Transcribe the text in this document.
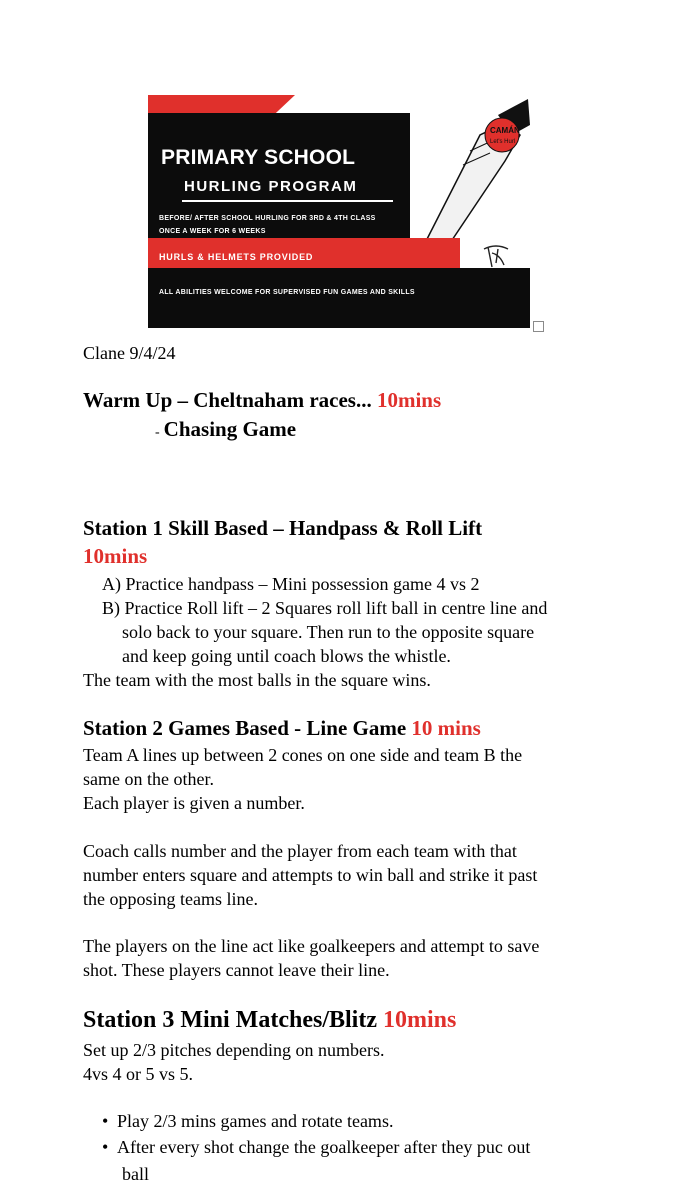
CAMÁN
Let's Hurl
PRIMARY SCHOOL
HURLING PROGRAM
BEFORE/ AFTER SCHOOL HURLING FOR 3RD & 4TH CLASS
ONCE A WEEK FOR 6 WEEKS
HURLS & HELMETS PROVIDED
ALL ABILITIES WELCOME FOR SUPERVISED FUN GAMES AND SKILLS
Clane 9/4/24
Warm Up – Cheltnaham races... 10mins
- Chasing Game
Station 1 Skill Based – Handpass & Roll Lift
10mins
A) Practice handpass – Mini possession game 4 vs 2
B) Practice Roll lift – 2 Squares roll lift ball in centre line and
solo back to your square. Then run to the opposite square
and keep going until coach blows the whistle.
The team with the most balls in the square wins.
Station 2 Games Based - Line Game 10 mins
Team A lines up between 2 cones on one side and team B the
same on the other.
Each player is given a number.
Coach calls number and the player from each team with that
number enters square and attempts to win ball and strike it past
the opposing teams line.
The players on the line act like goalkeepers and attempt to save
shot. These players cannot leave their line.
Station 3 Mini Matches/Blitz 10mins
Set up 2/3 pitches depending on numbers.
4vs 4 or 5 vs 5.
• Play 2/3 mins games and rotate teams.
• After every shot change the goalkeeper after they puc out
ball
